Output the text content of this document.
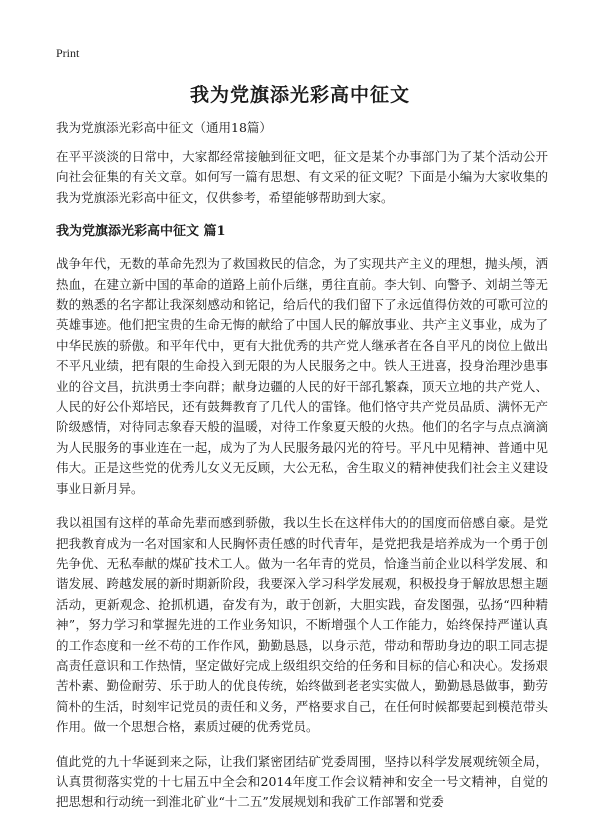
Print
我为党旗添光彩高中征文

我为党旗添光彩高中征文（通用18篇）

在平平淡淡的日常中，大家都经常接触到征文吧，征文是某个办事部门为了某个活动公开向社会征集的有关文章。如何写一篇有思想、有文采的征文呢？下面是小编为大家收集的我为党旗添光彩高中征文，仅供参考，希望能够帮助到大家。

我为党旗添光彩高中征文 篇1

战争年代，无数的革命先烈为了救国救民的信念，为了实现共产主义的理想，抛头颅，洒热血，在建立新中国的革命的道路上前仆后继，勇往直前。李大钊、向警予、刘胡兰等无数的熟悉的名字都让我深刻感动和铭记，给后代的我们留下了永远值得仿效的可歌可泣的英雄事迹。他们把宝贵的生命无悔的献给了中国人民的解放事业、共产主义事业，成为了中华民族的骄傲。和平年代中，更有大批优秀的共产党人继承者在各自平凡的岗位上做出不平凡业绩，把有限的生命投入到无限的为人民服务之中。铁人王进喜，投身治理沙患事业的谷文昌，抗洪勇士李向群；献身边疆的人民的好干部孔繁森，顶天立地的共产党人、人民的好公仆郑培民，还有鼓舞教育了几代人的雷锋。他们恪守共产党员品质、满怀无产阶级感情，对待同志象春天般的温暖，对待工作象夏天般的火热。他们的名字与点点滴滴为人民服务的事业连在一起，成为了为人民服务最闪光的符号。平凡中见精神、普通中见伟大。正是这些党的优秀儿女义无反顾，大公无私，舍生取义的精神使我们社会主义建设事业日新月异。

我以祖国有这样的革命先辈而感到骄傲，我以生长在这样伟大的的国度而倍感自豪。是党把我教育成为一名对国家和人民胸怀责任感的时代青年，是党把我是培养成为一个勇于创先争优、无私奉献的煤矿技术工人。做为一名年青的党员，恰逢当前企业以科学发展、和谐发展、跨越发展的新时期新阶段，我要深入学习科学发展观，积极投身于解放思想主题活动，更新观念、抢抓机遇，奋发有为，敢于创新，大胆实践，奋发图强，弘扬“四种精神”，努力学习和掌握先进的工作业务知识，不断增强个人工作能力，始终保持严谨认真的工作态度和一丝不苟的工作作风，勤勤恳恳，以身示范，带动和帮助身边的职工同志提高责任意识和工作热情，坚定做好完成上级组织交给的任务和目标的信心和决心。发扬艰苦朴素、勤俭耐劳、乐于助人的优良传统，始终做到老老实实做人，勤勤恳恳做事，勤劳简朴的生活，时刻牢记党员的责任和义务，严格要求自己，在任何时候都要起到模范带头作用。做一个思想合格，素质过硬的优秀党员。

值此党的九十华诞到来之际，让我们紧密团结矿党委周围，坚持以科学发展观统领全局，认真贯彻落实党的十七届五中全会和2014年度工作会议精神和安全一号文精神，自觉的把思想和行动统一到淮北矿业“十二五”发展规划和我矿工作部署和党委
